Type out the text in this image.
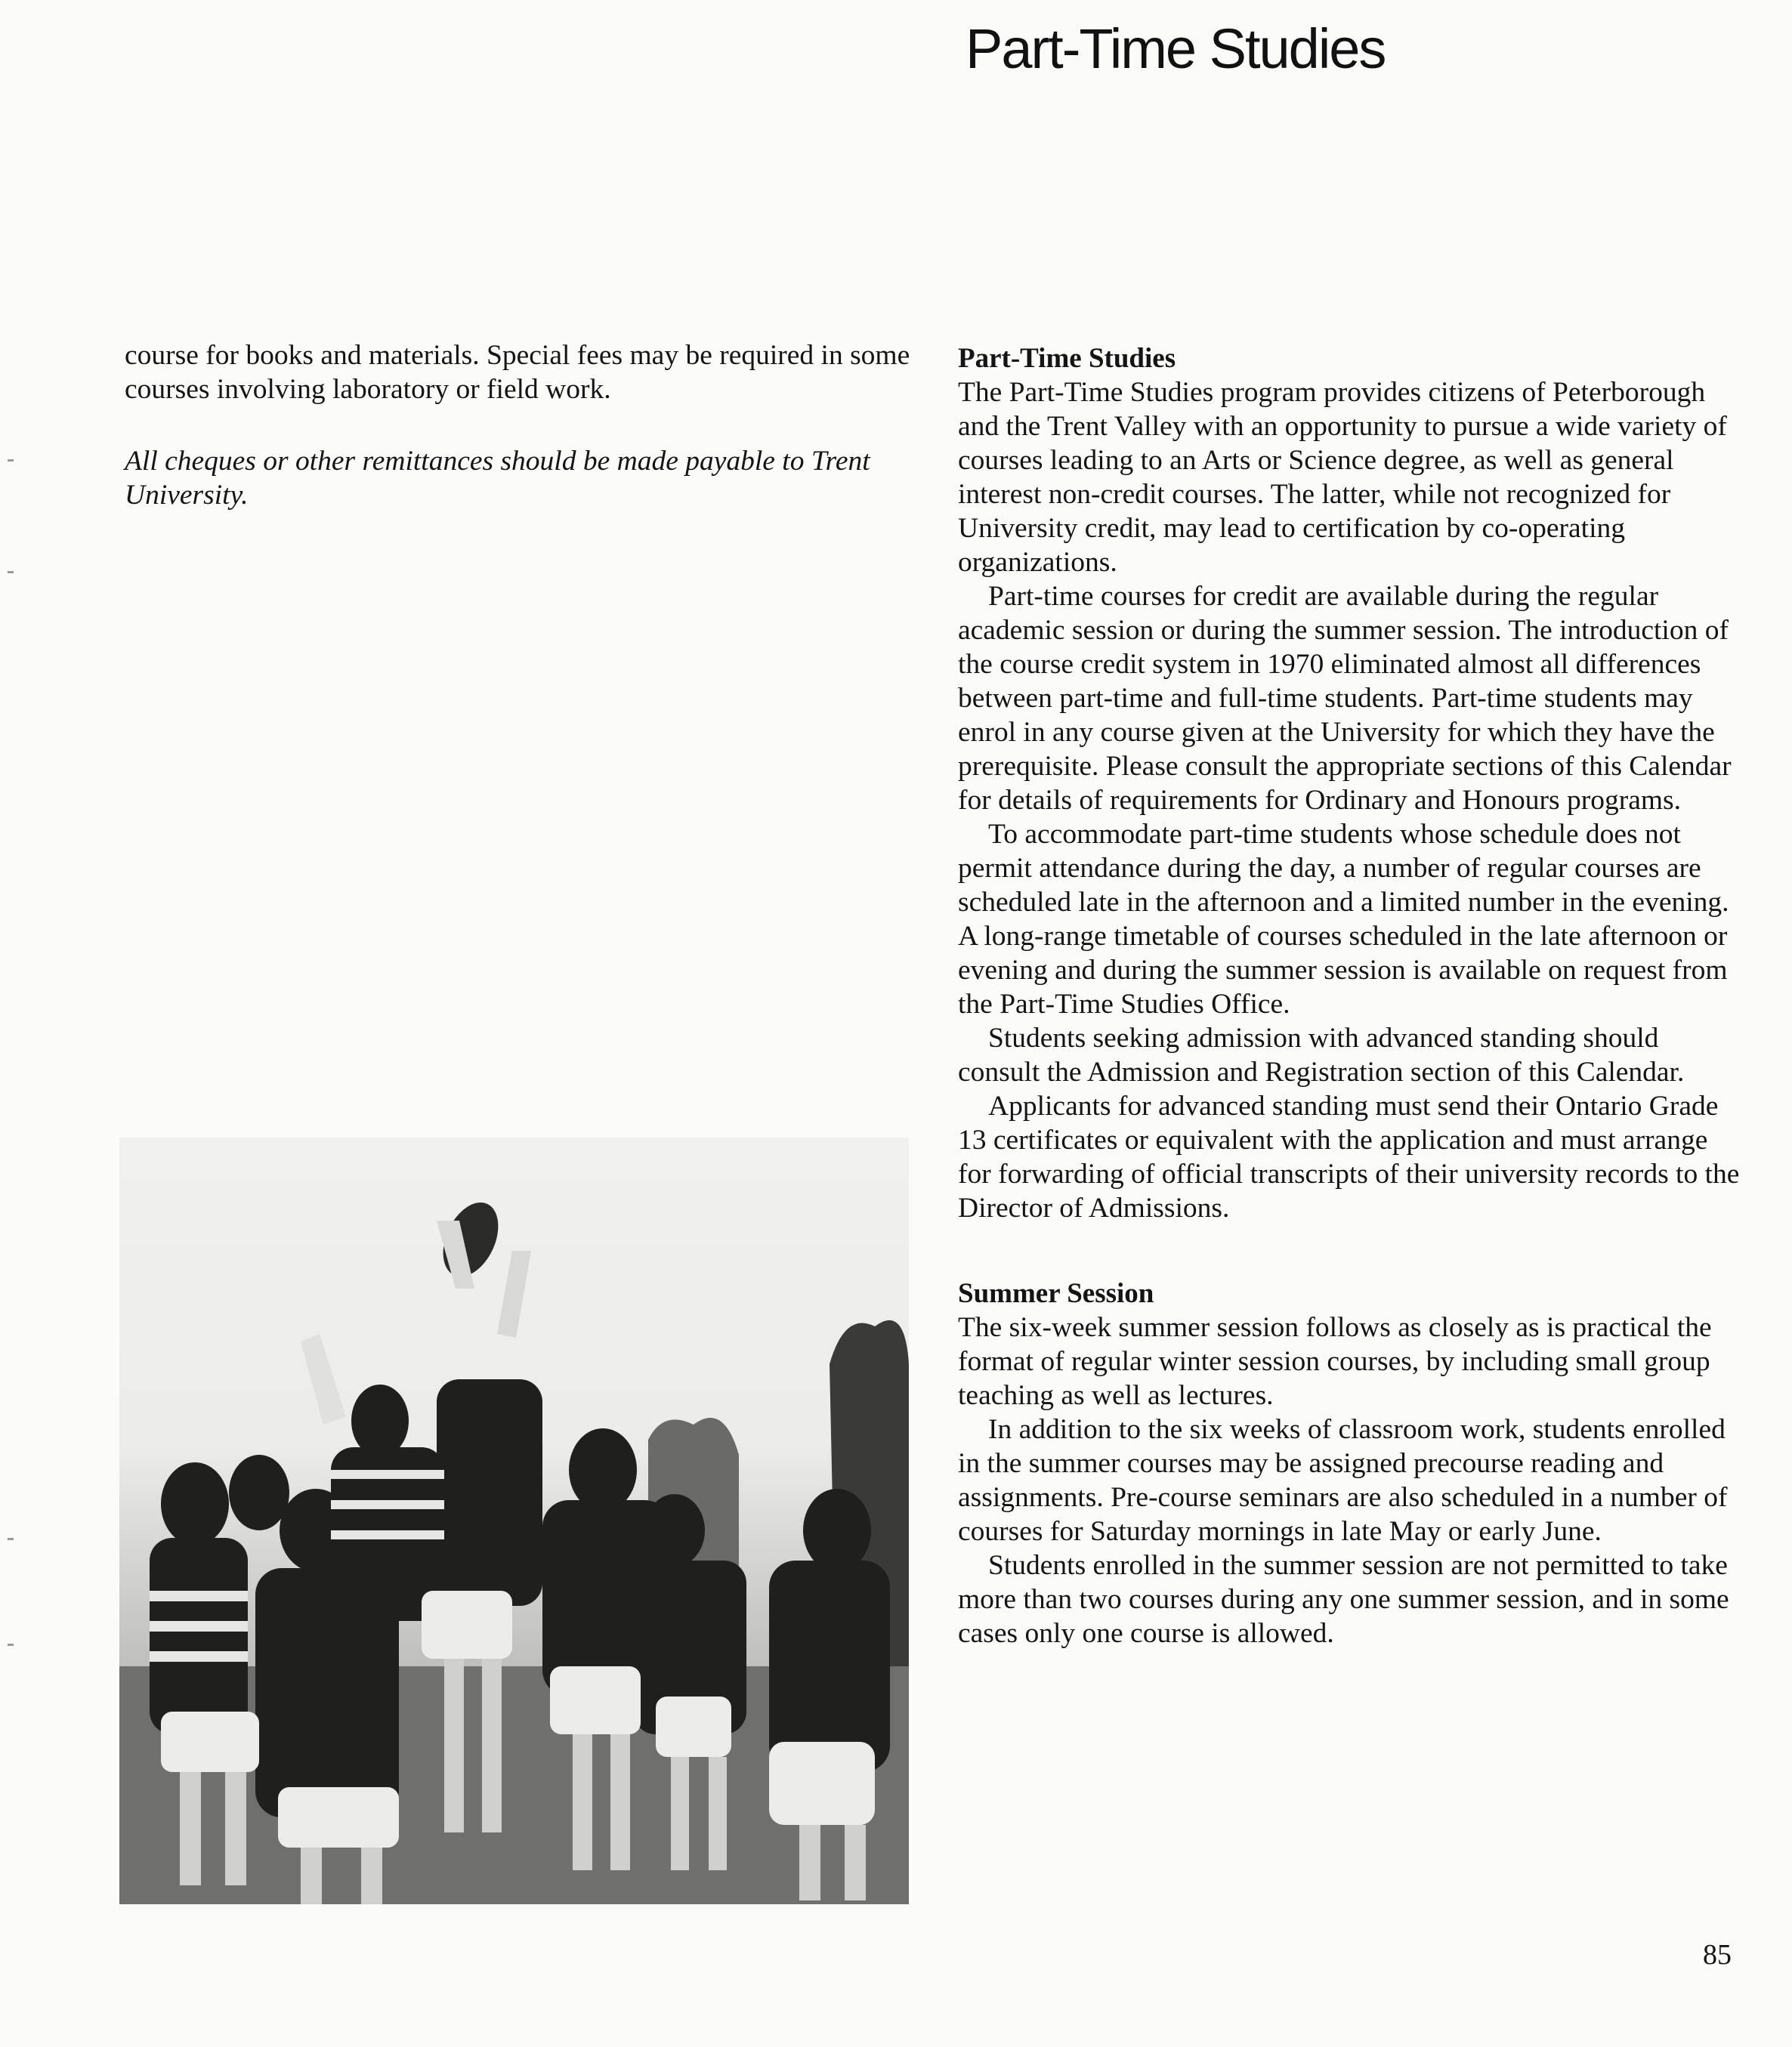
Part-Time Studies

course for books and materials. Special fees may be required in some courses involving laboratory or field work.

All cheques or other remittances should be made payable to Trent University.

Part-Time Studies

The Part-Time Studies program provides citizens of Peterborough and the Trent Valley with an opportunity to pursue a wide variety of courses leading to an Arts or Science degree, as well as general interest non-credit courses. The latter, while not recognized for University credit, may lead to certification by co-operating organizations.

Part-time courses for credit are available during the regular academic session or during the summer session. The introduction of the course credit system in 1970 eliminated almost all differences between part-time and full-time students. Part-time students may enrol in any course given at the University for which they have the prerequisite. Please consult the appropriate sections of this Calendar for details of requirements for Ordinary and Honours programs.

To accommodate part-time students whose schedule does not permit attendance during the day, a number of regular courses are scheduled late in the afternoon and a limited number in the evening. A long-range timetable of courses scheduled in the late afternoon or evening and during the summer session is available on request from the Part-Time Studies Office.

Students seeking admission with advanced standing should consult the Admission and Registration section of this Calendar.

Applicants for advanced standing must send their Ontario Grade 13 certificates or equivalent with the application and must arrange for forwarding of official transcripts of their university records to the Director of Admissions.

Summer Session

The six-week summer session follows as closely as is practical the format of regular winter session courses, by including small group teaching as well as lectures.

In addition to the six weeks of classroom work, students enrolled in the summer courses may be assigned precourse reading and assignments. Pre-course seminars are also scheduled in a number of courses for Saturday mornings in late May or early June.

Students enrolled in the summer session are not permitted to take more than two courses during any one summer session, and in some cases only one course is allowed.

85
